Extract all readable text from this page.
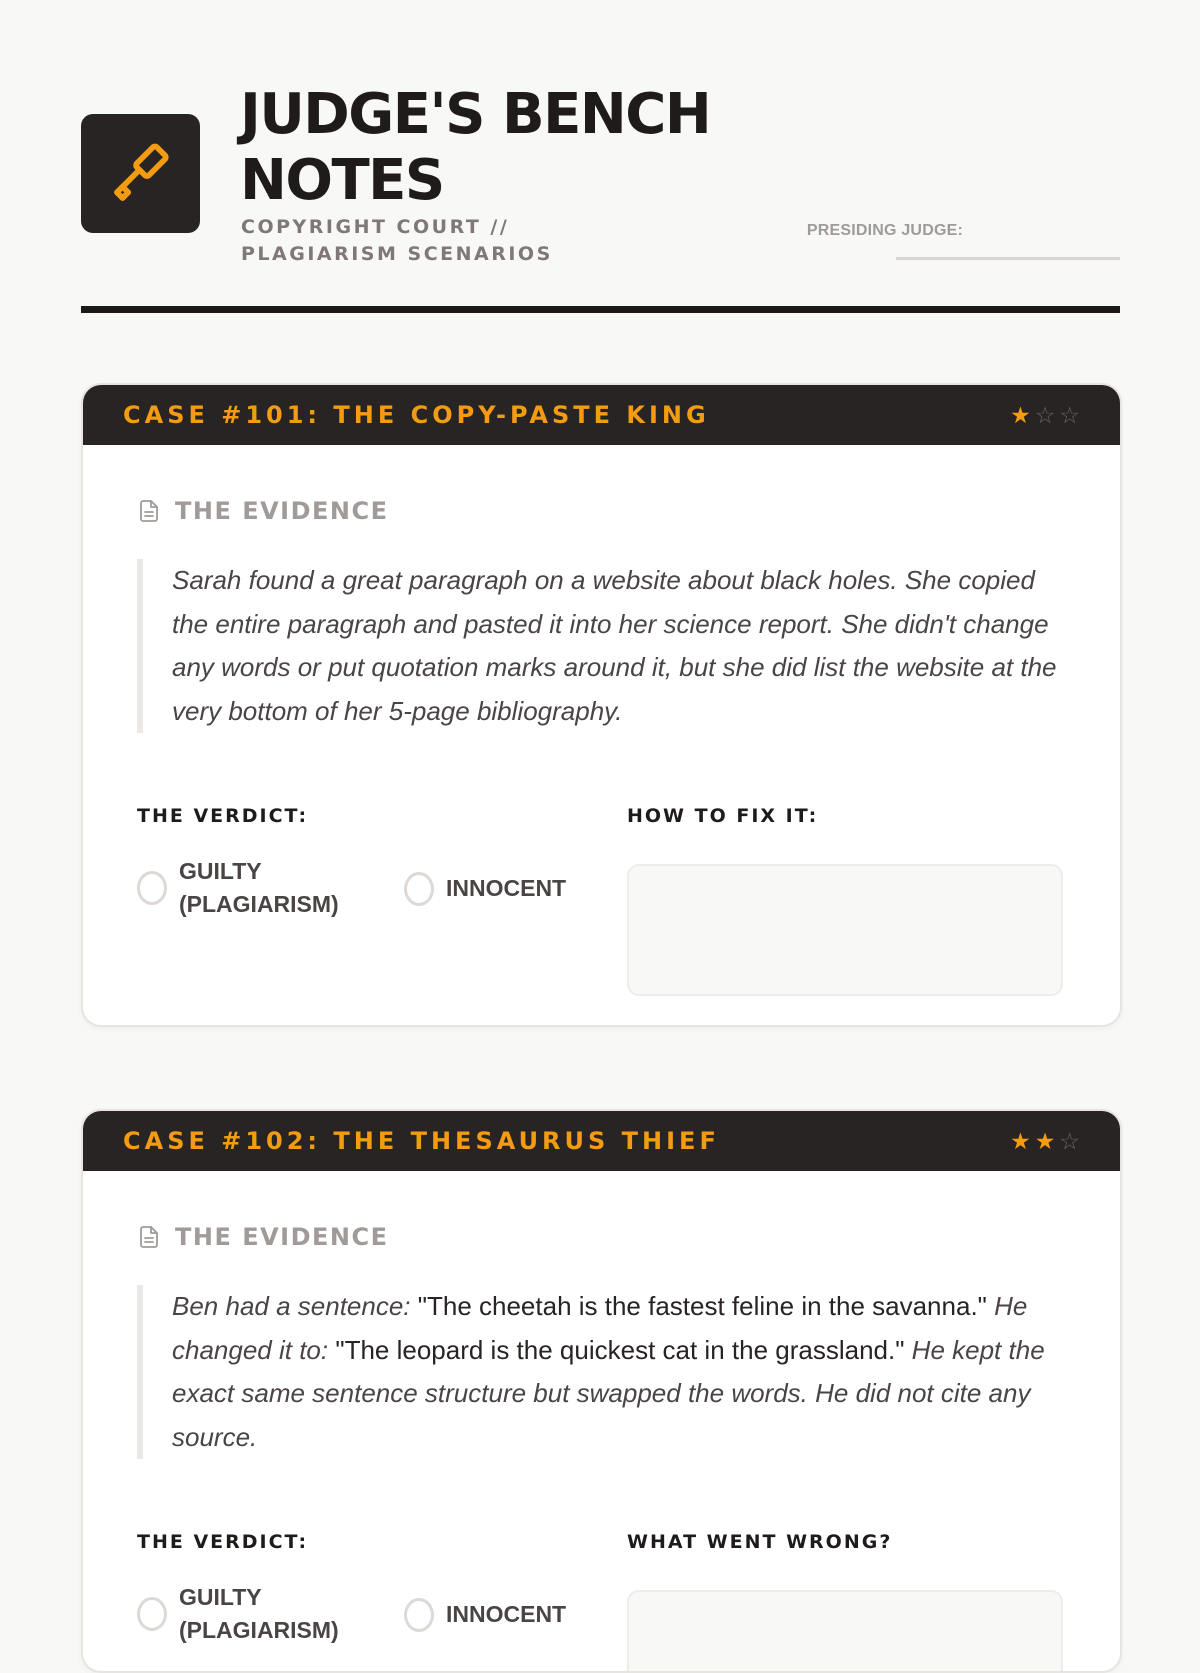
JUDGE'S BENCH NOTES
COPYRIGHT COURT // PLAGIARISM SCENARIOS
PRESIDING JUDGE:
CASE #101: THE COPY-PASTE KING	★ ☆ ☆
THE EVIDENCE
Sarah found a great paragraph on a website about black holes. She copied the entire paragraph and pasted it into her science report. She didn't change any words or put quotation marks around it, but she did list the website at the very bottom of her 5-page bibliography.
THE VERDICT:
GUILTY (PLAGIARISM)
INNOCENT
HOW TO FIX IT:
CASE #102: THE THESAURUS THIEF	★ ★ ☆
THE EVIDENCE
Ben had a sentence: "The cheetah is the fastest feline in the savanna." He changed it to: "The leopard is the quickest cat in the grassland." He kept the exact same sentence structure but swapped the words. He did not cite any source.
THE VERDICT:
GUILTY (PLAGIARISM)
INNOCENT
WHAT WENT WRONG?
